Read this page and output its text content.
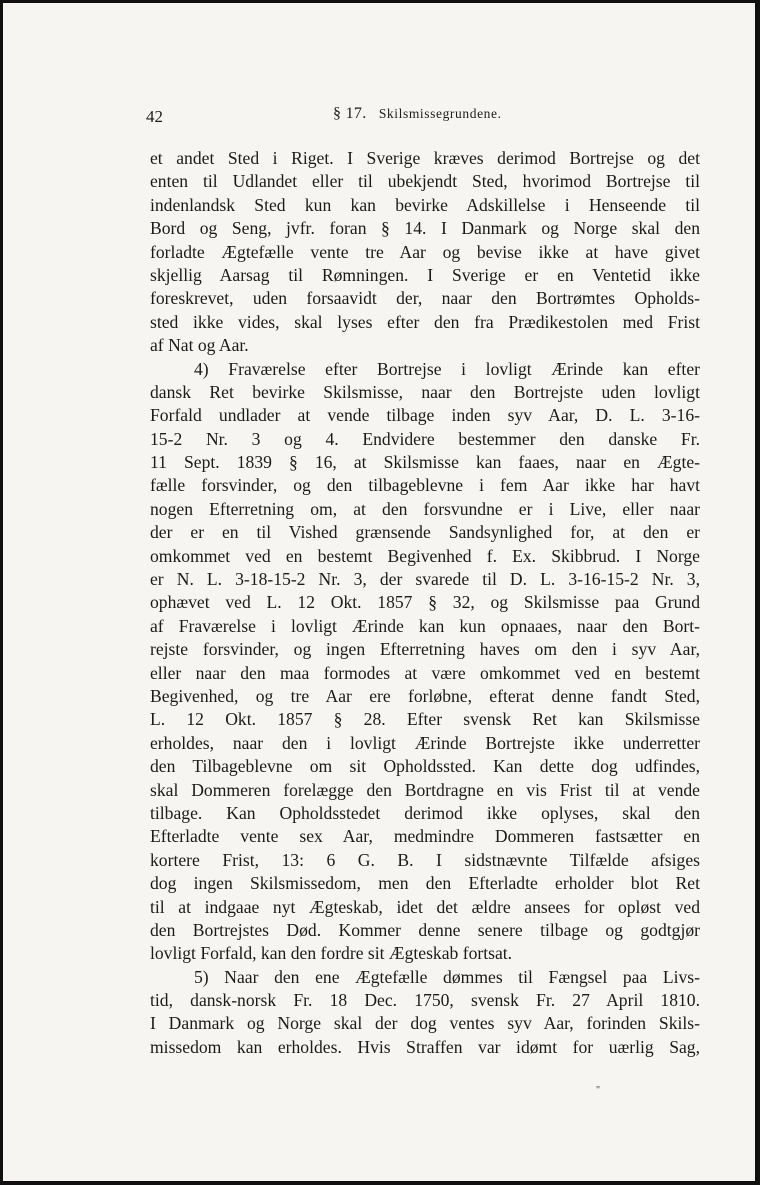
42	§ 17. Skilsmissegrundene.
et andet Sted i Riget. I Sverige kræves derimod Bortrejse og det
enten til Udlandet eller til ubekjendt Sted, hvorimod Bortrejse til
indenlandsk Sted kun kan bevirke Adskillelse i Henseende til
Bord og Seng, jvfr. foran § 14. I Danmark og Norge skal den
forladte Ægtefælle vente tre Aar og bevise ikke at have givet
skjellig Aarsag til Rømningen. I Sverige er en Ventetid ikke
foreskrevet, uden forsaavidt der, naar den Bortrømtes Opholds-
sted ikke vides, skal lyses efter den fra Prædikestolen med Frist
af Nat og Aar.
4) Fraværelse efter Bortrejse i lovligt Ærinde kan efter
dansk Ret bevirke Skilsmisse, naar den Bortrejste uden lovligt
Forfald undlader at vende tilbage inden syv Aar, D. L. 3-16-
15-2 Nr. 3 og 4. Endvidere bestemmer den danske Fr.
11 Sept. 1839 § 16, at Skilsmisse kan faaes, naar en Ægte-
fælle forsvinder, og den tilbageblevne i fem Aar ikke har havt
nogen Efterretning om, at den forsvundne er i Live, eller naar
der er en til Vished grænsende Sandsynlighed for, at den er
omkommet ved en bestemt Begivenhed f. Ex. Skibbrud. I Norge
er N. L. 3-18-15-2 Nr. 3, der svarede til D. L. 3-16-15-2 Nr. 3,
ophævet ved L. 12 Okt. 1857 § 32, og Skilsmisse paa Grund
af Fraværelse i lovligt Ærinde kan kun opnaaes, naar den Bort-
rejste forsvinder, og ingen Efterretning haves om den i syv Aar,
eller naar den maa formodes at være omkommet ved en bestemt
Begivenhed, og tre Aar ere forløbne, efterat denne fandt Sted,
L. 12 Okt. 1857 § 28. Efter svensk Ret kan Skilsmisse
erholdes, naar den i lovligt Ærinde Bortrejste ikke underretter
den Tilbageblevne om sit Opholdssted. Kan dette dog udfindes,
skal Dommeren forelægge den Bortdragne en vis Frist til at vende
tilbage. Kan Opholdsstedet derimod ikke oplyses, skal den
Efterladte vente sex Aar, medmindre Dommeren fastsætter en
kortere Frist, 13: 6 G. B. I sidstnævnte Tilfælde afsiges
dog ingen Skilsmissedom, men den Efterladte erholder blot Ret
til at indgaae nyt Ægteskab, idet det ældre ansees for opløst ved
den Bortrejstes Død. Kommer denne senere tilbage og godtgjør
lovligt Forfald, kan den fordre sit Ægteskab fortsat.
5) Naar den ene Ægtefælle dømmes til Fængsel paa Livs-
tid, dansk-norsk Fr. 18 Dec. 1750, svensk Fr. 27 April 1810.
I Danmark og Norge skal der dog ventes syv Aar, forinden Skils-
missedom kan erholdes. Hvis Straffen var idømt for uærlig Sag,
"
